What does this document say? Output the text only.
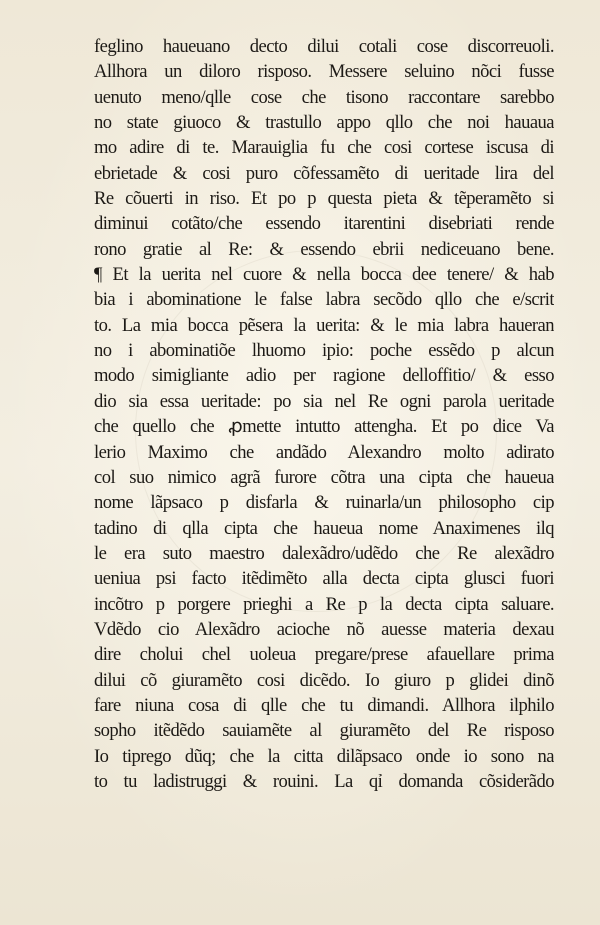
feglino haueuano decto dilui cotali cose discorreuoli.
Allhora un diloro risposo. Messere seluino nõci fusse
uenuto meno/qlle cose che tisono raccontare sarebbo
no state giuoco & trastullo appo qllo che noi hauaua
mo adire di te. Marauiglia fu che cosi cortese iscusa di
ebrietade & cosi puro cõfessamẽto di ueritade lira del
Re cõuerti in riso. Et po p questa pieta & tẽperamẽto si
diminui cotãto/che essendo itarentini disebriati rende
rono gratie al Re: & essendo ebrii nediceuano bene.
¶ Et la uerita nel cuore & nella bocca dee tenere/ & hab
bia i abominatione le false labra secõdo qllo che e/scrit
to. La mia bocca pẽsera la uerita: & le mia labra haueran
no i abominatiõe lhuomo ipio: poche essẽdo p alcun
modo simigliante adio per ragione delloffitio/ & esso
dio sia essa ueritade: po sia nel Re ogni parola ueritade
che quello che ꝓmette intutto attengha. Et po dice Va
lerio Maximo che andãdo Alexandro molto adirato
col suo nimico agrã furore cõtra una cipta che haueua
nome lãpsaco p disfarla & ruinarla/un philosopho cip
tadino di qlla cipta che haueua nome Anaximenes ilq
le era suto maestro dalexãdro/udẽdo che Re alexãdro
ueniua psi facto itẽdimẽto alla decta cipta glusci fuori
incõtro p porgere prieghi a Re p la decta cipta saluare.
Vdẽdo cio Alexãdro acioche nõ auesse materia dexau
dire cholui chel uoleua pregare/prese afauellare prima
dilui cõ giuramẽto cosi dicẽdo. Io giuro p glidei dinõ
fare niuna cosa di qlle che tu dimandi. Allhora ilphilo
sopho itẽdẽdo sauiamẽte al giuramẽto del Re risposo
Io tiprego dũq; che la citta dilãpsaco onde io sono na
to tu ladistruggi & rouini. La qỉ domanda cõsiderãdo
